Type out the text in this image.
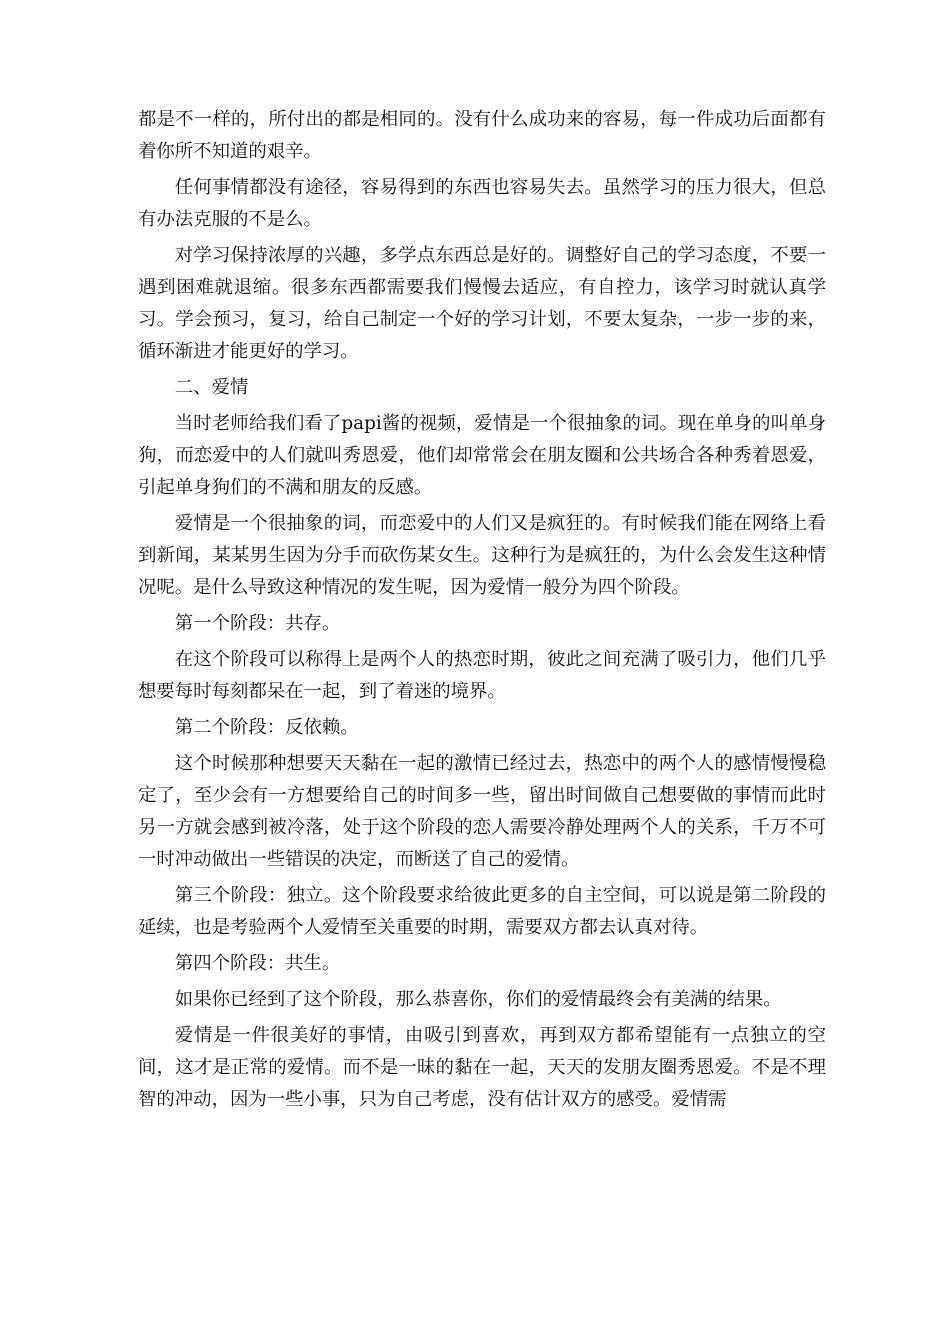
都是不一样的，所付出的都是相同的。没有什么成功来的容易，每一件成功后面都有着你所不知道的艰辛。

任何事情都没有途径，容易得到的东西也容易失去。虽然学习的压力很大，但总有办法克服的不是么。

对学习保持浓厚的兴趣，多学点东西总是好的。调整好自己的学习态度，不要一遇到困难就退缩。很多东西都需要我们慢慢去适应，有自控力，该学习时就认真学习。学会预习，复习，给自己制定一个好的学习计划，不要太复杂，一步一步的来，循环渐进才能更好的学习。

二、爱情

当时老师给我们看了papi酱的视频，爱情是一个很抽象的词。现在单身的叫单身狗，而恋爱中的人们就叫秀恩爱，他们却常常会在朋友圈和公共场合各种秀着恩爱，引起单身狗们的不满和朋友的反感。

爱情是一个很抽象的词，而恋爱中的人们又是疯狂的。有时候我们能在网络上看到新闻，某某男生因为分手而砍伤某女生。这种行为是疯狂的，为什么会发生这种情况呢。是什么导致这种情况的发生呢，因为爱情一般分为四个阶段。

第一个阶段：共存。

在这个阶段可以称得上是两个人的热恋时期，彼此之间充满了吸引力，他们几乎想要每时每刻都呆在一起，到了着迷的境界。

第二个阶段：反依赖。

这个时候那种想要天天黏在一起的激情已经过去，热恋中的两个人的感情慢慢稳定了，至少会有一方想要给自己的时间多一些，留出时间做自己想要做的事情而此时另一方就会感到被冷落，处于这个阶段的恋人需要冷静处理两个人的关系，千万不可一时冲动做出一些错误的决定，而断送了自己的爱情。

第三个阶段：独立。这个阶段要求给彼此更多的自主空间，可以说是第二阶段的延续，也是考验两个人爱情至关重要的时期，需要双方都去认真对待。

第四个阶段：共生。

如果你已经到了这个阶段，那么恭喜你，你们的爱情最终会有美满的结果。

爱情是一件很美好的事情，由吸引到喜欢，再到双方都希望能有一点独立的空间，这才是正常的爱情。而不是一昧的黏在一起，天天的发朋友圈秀恩爱。不是不理智的冲动，因为一些小事，只为自己考虑，没有估计双方的感受。爱情需
